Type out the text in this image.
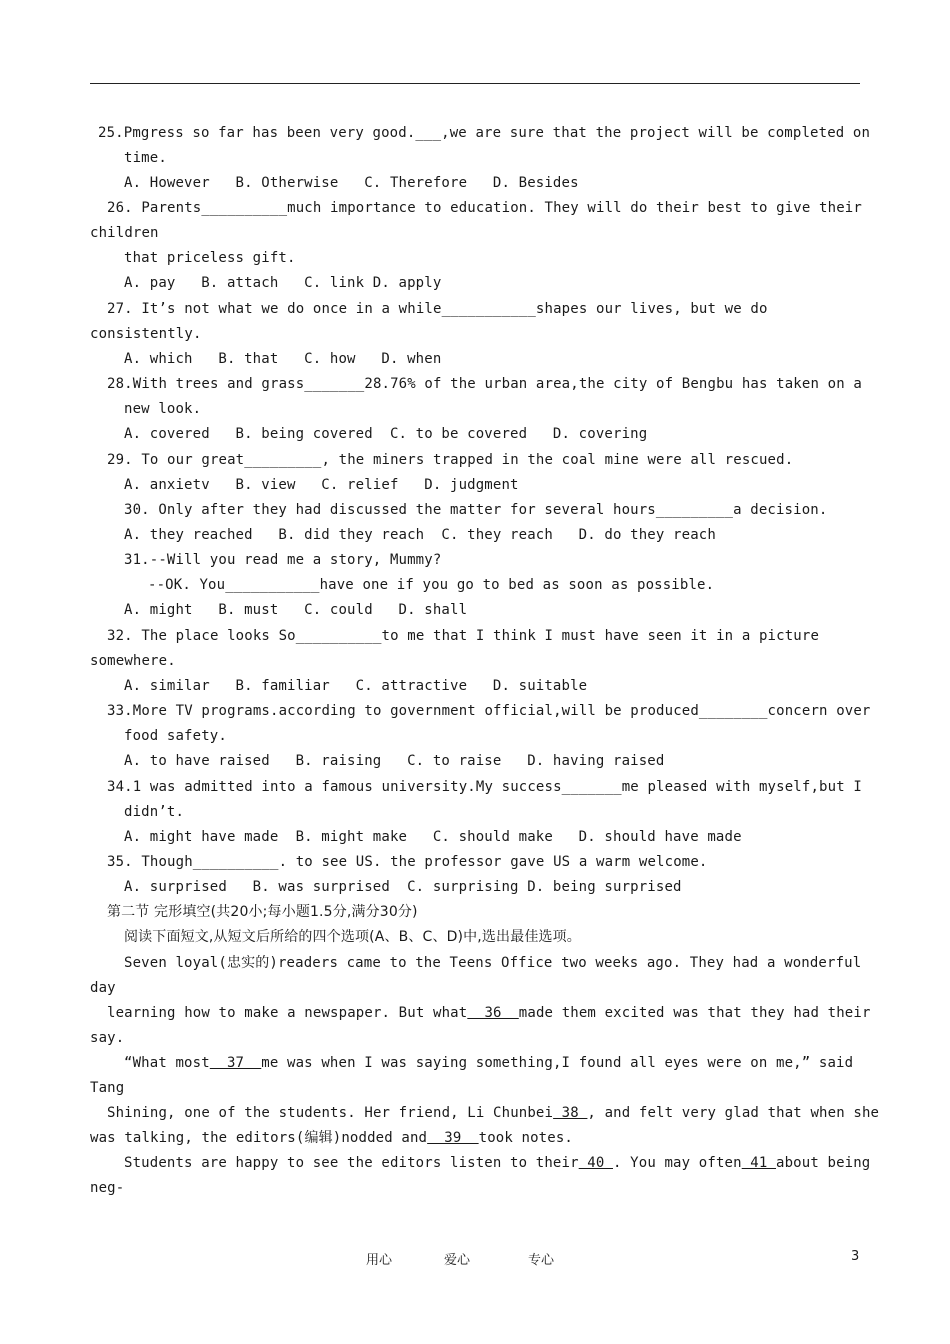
25.Pmgress so far has been very good.___,we are sure that the project will be completed on
time.
A. However   B. Otherwise   C. Therefore   D. Besides
26. Parents__________much importance to education. They will do their best to give their
children
that priceless gift.
A. pay   B. attach   C. link D. apply
27. It’s not what we do once in a while___________shapes our lives, but we do
consistently.
A. which   B. that   C. how   D. when
28.With trees and grass_______28.76% of the urban area,the city of Bengbu has taken on a
new look.
A. covered   B. being covered  C. to be covered   D. covering
29. To our great_________, the miners trapped in the coal mine were all rescued.
A. anxietv   B. view   C. relief   D. judgment
30. Only after they had discussed the matter for several hours_________a decision.
A. they reached   B. did they reach  C. they reach   D. do they reach
31.--Will you read me a story, Mummy?
--OK. You___________have one if you go to bed as soon as possible.
A. might   B. must   C. could   D. shall
32. The place looks So__________to me that I think I must have seen it in a picture
somewhere.
A. similar   B. familiar   C. attractive   D. suitable
33.More TV programs.according to government official,will be produced________concern over
food safety.
A. to have raised   B. raising   C. to raise   D. having raised
34.1 was admitted into a famous university.My success_______me pleased with myself,but I
didn’t.
A. might have made  B. might make   C. should make   D. should have made
35. Though__________. to see US. the professor gave US a warm welcome.
A. surprised   B. was surprised  C. surprising D. being surprised
第二节 完形填空(共20小;每小题1.5分,满分30分)
阅读下面短文,从短文后所给的四个选项(A、B、C、D)中,选出最佳选项。
Seven loyal(忠实的)readers came to the Teens Office two weeks ago. They had a wonderful
day
learning how to make a newspaper. But what  36  made them excited was that they had their
say.
“What most  37  me was when I was saying something,I found all eyes were on me,” said
Tang
Shining, one of the students. Her friend, Li Chunbei 38 , and felt very glad that when she
was talking, the editors(编辑)nodded and  39  took notes.
Students are happy to see the editors listen to their 40 . You may often 41 about being
neg-
用心	爱心	专心	3
